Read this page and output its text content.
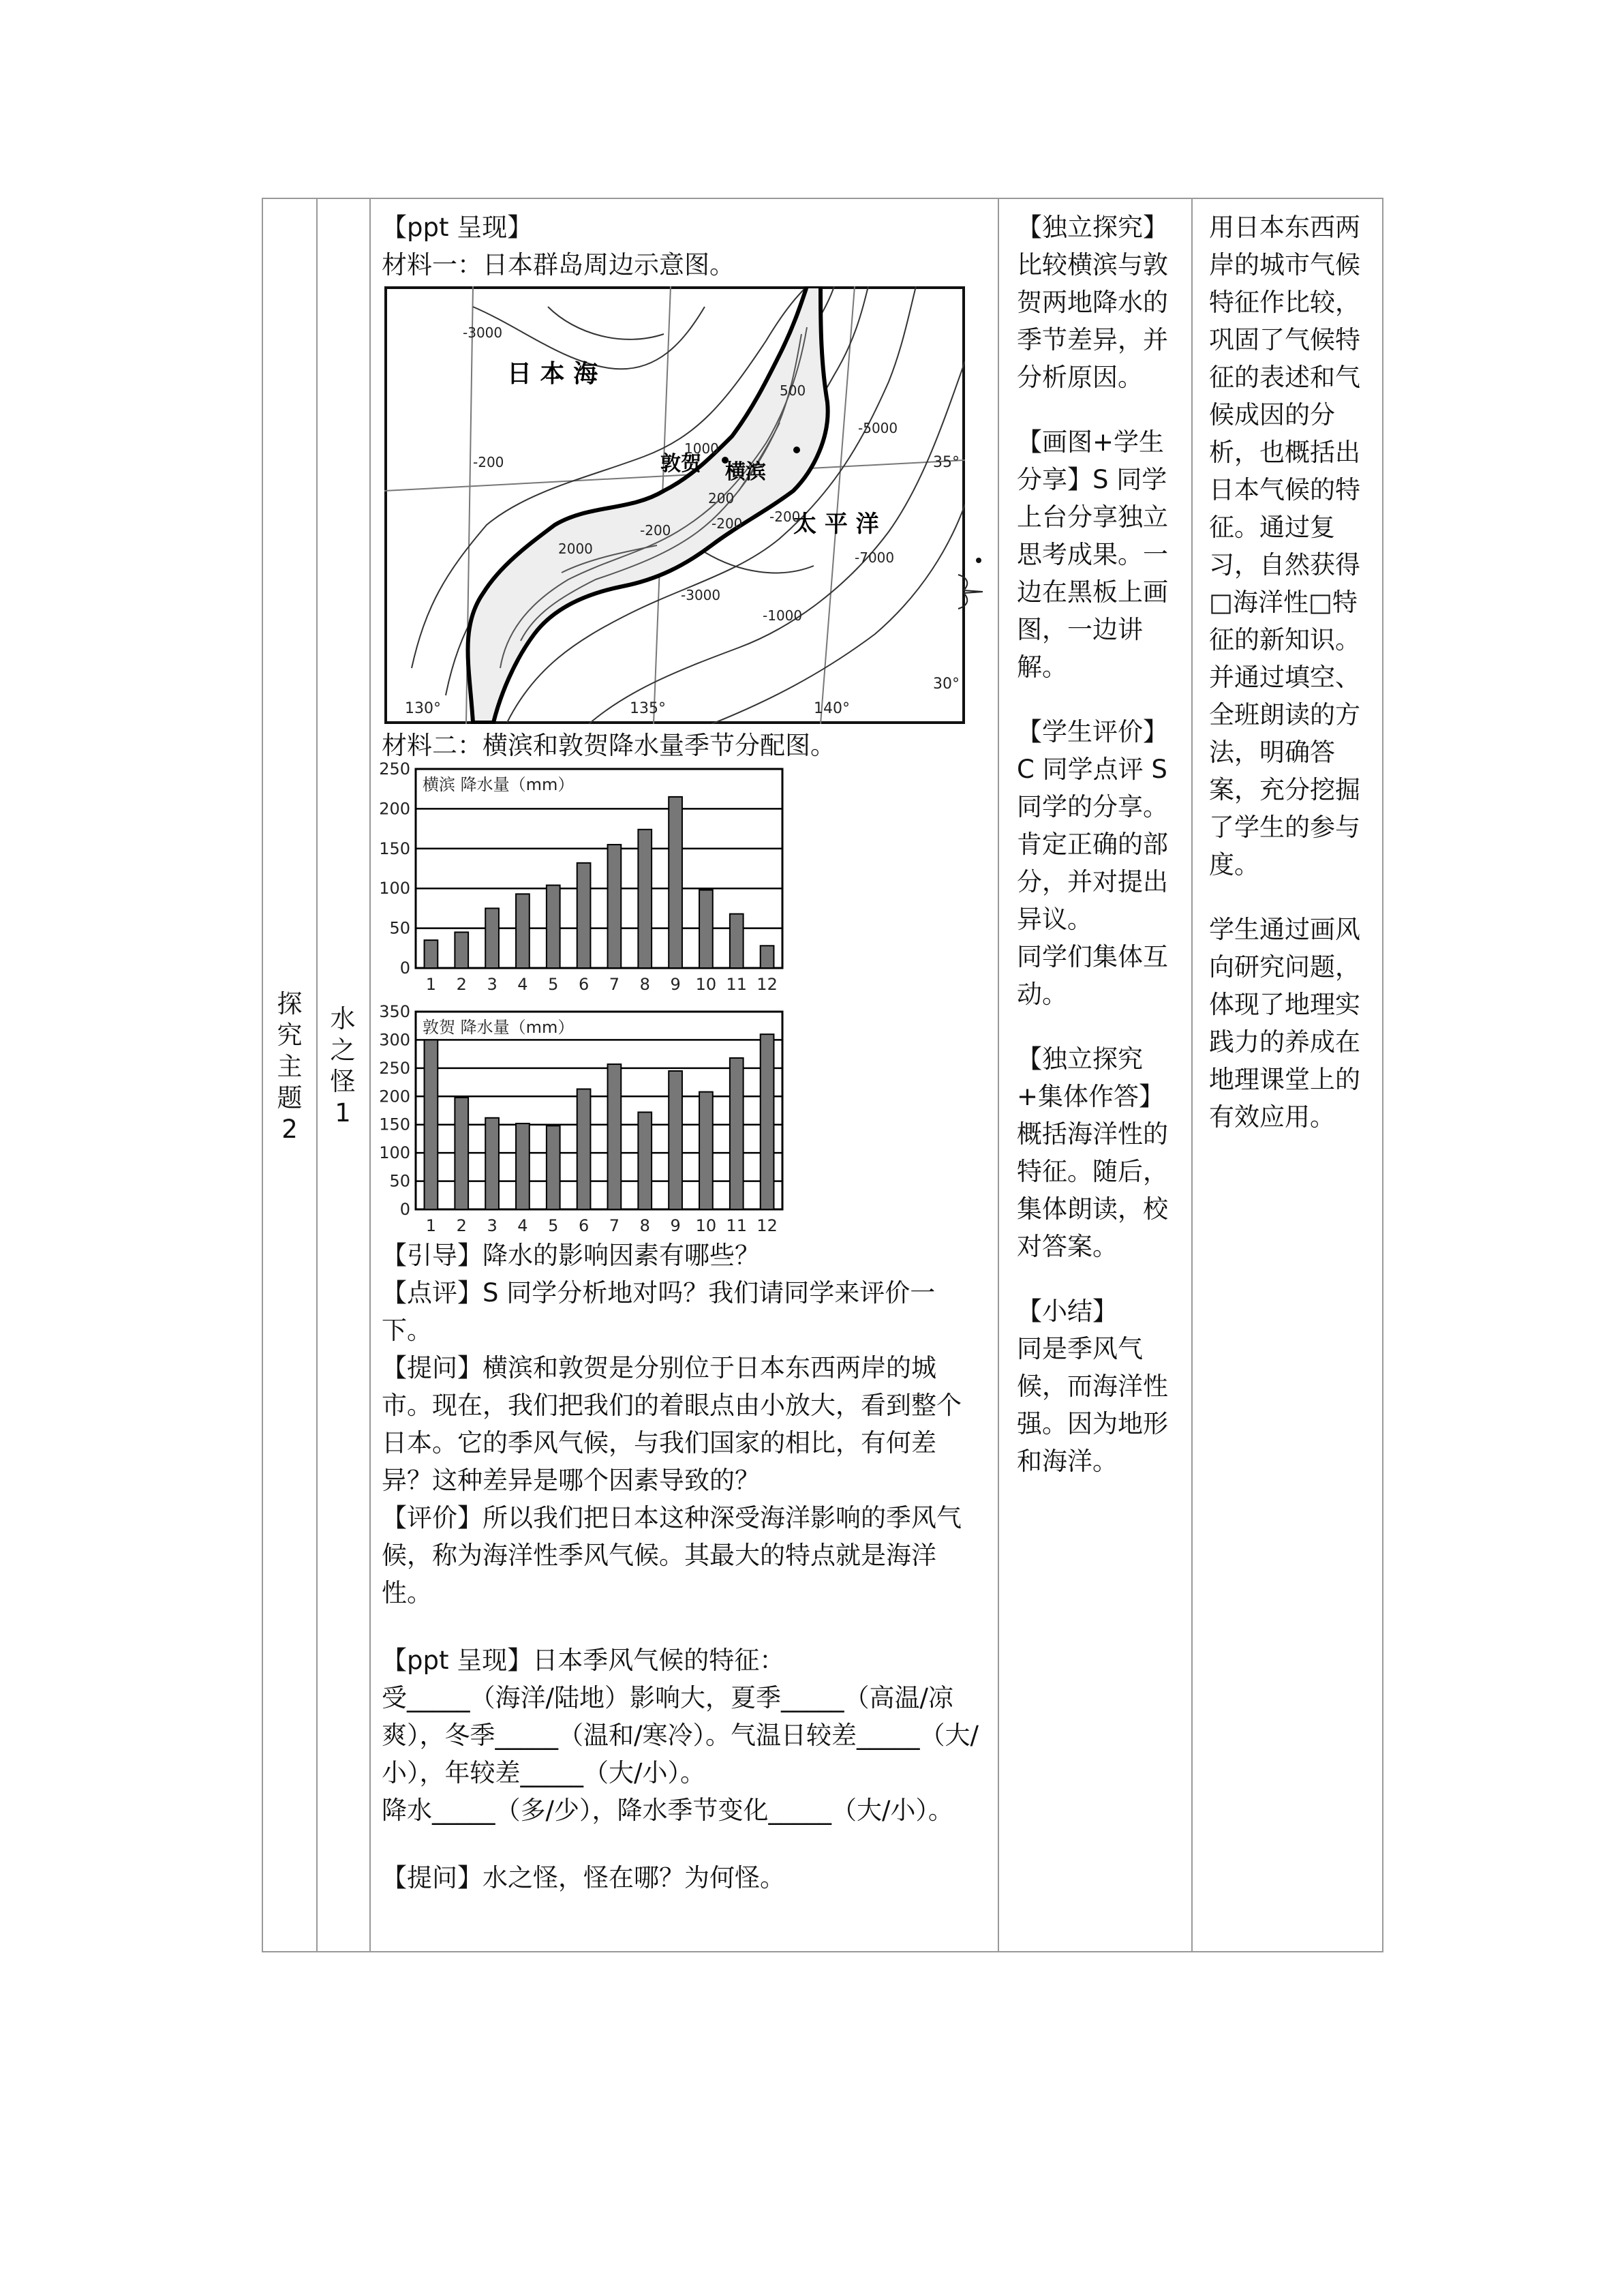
探
究
主
题
2
水
之
怪
1

【独立探究】比较横滨与敦贺两地降水的季节差异，并分析原因。

【画图+学生分享】S 同学上台分享独立思考成果。一边在黑板上画图，一边讲解。

【学生评价】C 同学点评 S 同学的分享。肯定正确的部分，并对提出异议。

同学们集体互动。

【独立探究+集体作答】概括海洋性的特征。随后，集体朗读，校对答案。

【小结】

同是季风气候，而海洋性强。因为地形和海洋。

用日本东西两岸的城市气候特征作比较，巩固了气候特征的表述和气候成因的分析，也概括出日本气候的特征。通过复习，自然获得□海洋性□特征的新知识。并通过填空、全班朗读的方法，明确答案，充分挖掘了学生的参与度。

学生通过画风向研究问题，体现了地理实践力的养成在地理课堂上的有效应用。

【ppt 呈现】

材料一：日本群岛周边示意图。

日 本 海
太 平 洋
敦贺 横滨
-3000
-200
1000
500
-5000
-7000
-3000
-1000
-200
200
2000
-200
-200
35°
30°
130°	135°	140°

材料二：横滨和敦贺降水量季节分配图。

0
50
100
150
200
250
1 2 3 4 5 6 7 8 9 10 11 12
横滨 降水量（mm）
0
50
100
150
200
250
300
350
1 2 3 4 5 6 7 8 9 10 11 12
敦贺 降水量（mm）

【引导】降水的影响因素有哪些？

【点评】S 同学分析地对吗？我们请同学来评价一下。

【提问】横滨和敦贺是分别位于日本东西两岸的城市。现在，我们把我们的着眼点由小放大，看到整个日本。它的季风气候，与我们国家的相比，有何差异？这种差异是哪个因素导致的？

【评价】所以我们把日本这种深受海洋影响的季风气候，称为海洋性季风气候。其最大的特点就是海洋性。

【ppt 呈现】日本季风气候的特征：

受_____（海洋/陆地）影响大，夏季_____（高温/凉爽），冬季_____（温和/寒冷）。气温日较差_____（大/小），年较差_____（大/小）。

降水_____（多/少），降水季节变化_____（大/小）。

【提问】水之怪，怪在哪？为何怪。
